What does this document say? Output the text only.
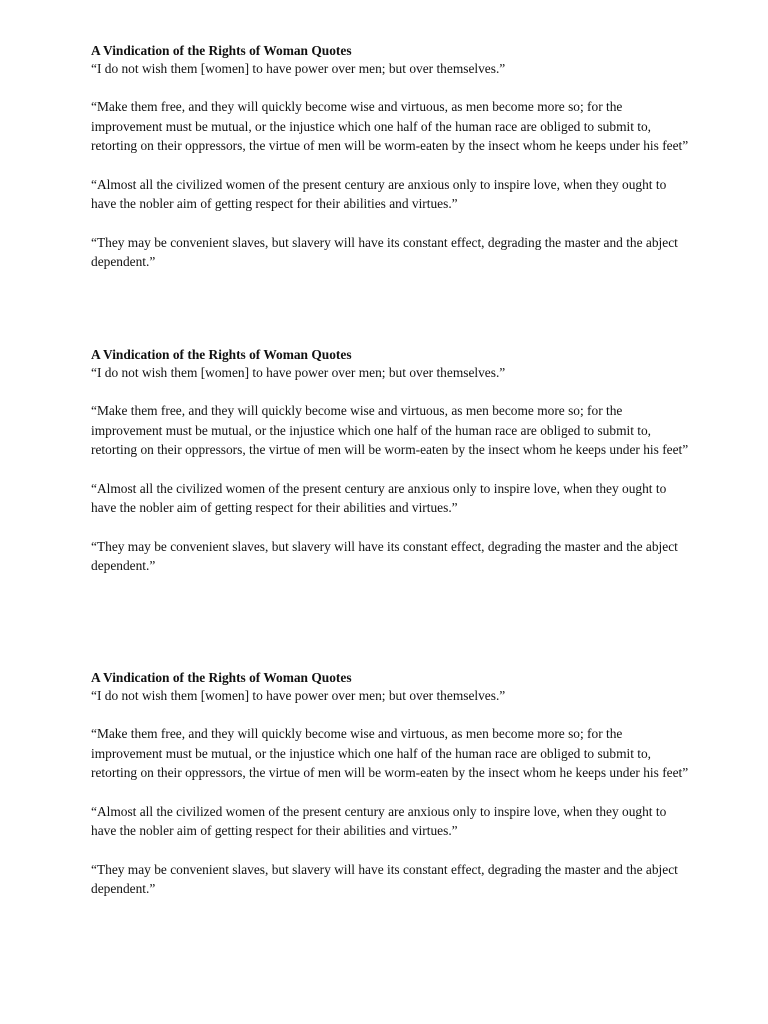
A Vindication of the Rights of Woman Quotes

“I do not wish them [women] to have power over men; but over themselves.”

“Make them free, and they will quickly become wise and virtuous, as men become more so; for the improvement must be mutual, or the injustice which one half of the human race are obliged to submit to, retorting on their oppressors, the virtue of men will be worm-eaten by the insect whom he keeps under his feet”

“Almost all the civilized women of the present century are anxious only to inspire love, when they ought to have the nobler aim of getting respect for their abilities and virtues.”

“They may be convenient slaves, but slavery will have its constant effect, degrading the master and the abject dependent.”

A Vindication of the Rights of Woman Quotes

“I do not wish them [women] to have power over men; but over themselves.”

“Make them free, and they will quickly become wise and virtuous, as men become more so; for the improvement must be mutual, or the injustice which one half of the human race are obliged to submit to, retorting on their oppressors, the virtue of men will be worm-eaten by the insect whom he keeps under his feet”

“Almost all the civilized women of the present century are anxious only to inspire love, when they ought to have the nobler aim of getting respect for their abilities and virtues.”

“They may be convenient slaves, but slavery will have its constant effect, degrading the master and the abject dependent.”

A Vindication of the Rights of Woman Quotes

“I do not wish them [women] to have power over men; but over themselves.”

“Make them free, and they will quickly become wise and virtuous, as men become more so; for the improvement must be mutual, or the injustice which one half of the human race are obliged to submit to, retorting on their oppressors, the virtue of men will be worm-eaten by the insect whom he keeps under his feet”

“Almost all the civilized women of the present century are anxious only to inspire love, when they ought to have the nobler aim of getting respect for their abilities and virtues.”

“They may be convenient slaves, but slavery will have its constant effect, degrading the master and the abject dependent.”
